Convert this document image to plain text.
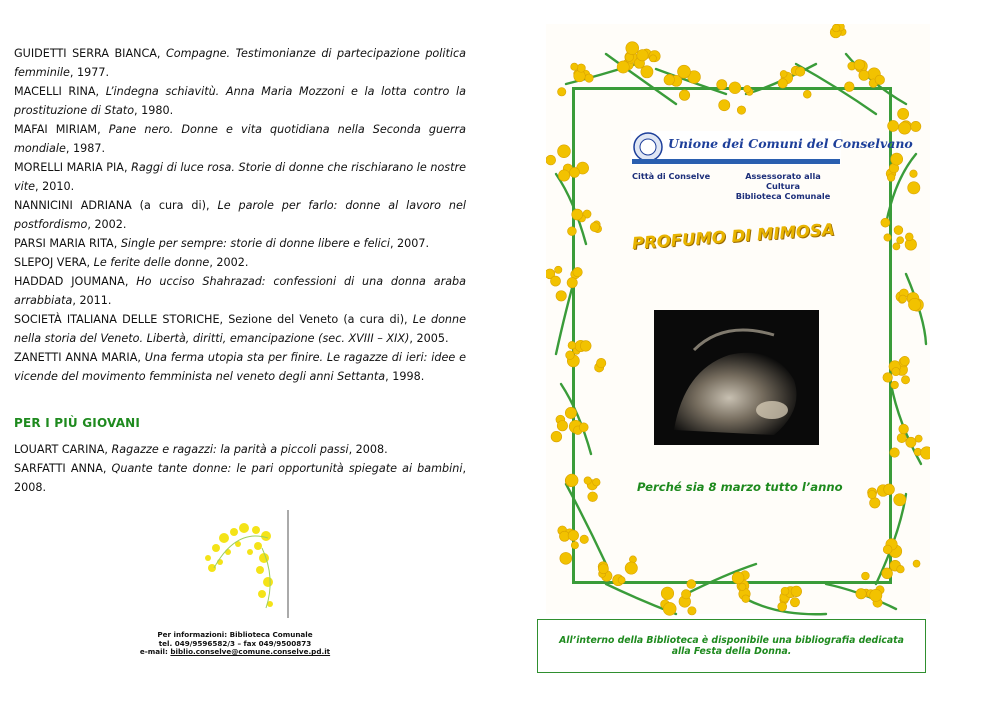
GUIDETTI SERRA BIANCA, Compagne. Testimonianze di partecipazione politica femminile, 1977.
MACELLI RINA, L’indegna schiavitù. Anna Maria Mozzoni e la lotta contro la prostituzione di Stato, 1980.
MAFAI MIRIAM, Pane nero. Donne e vita quotidiana nella Seconda guerra mondiale, 1987.
MORELLI MARIA PIA, Raggi di luce rosa. Storie di donne che rischiarano le nostre vite, 2010.
NANNICINI ADRIANA (a cura di), Le parole per farlo: donne al lavoro nel postfordismo, 2002.
PARSI MARIA RITA, Single per sempre: storie di donne libere e felici, 2007.
SLEPOJ VERA, Le ferite delle donne, 2002.
HADDAD JOUMANA, Ho ucciso Shahrazad: confessioni di una donna araba arrabbiata, 2011.
SOCIETÀ ITALIANA DELLE STORICHE, Sezione del Veneto (a cura di), Le donne nella storia del Veneto. Libertà, diritti, emancipazione (sec. XVIII – XIX), 2005.
ZANETTI ANNA MARIA, Una ferma utopia sta per finire. Le ragazze di ieri: idee e vicende del movimento femminista nel veneto degli anni Settanta, 1998.
PER I PIÙ GIOVANI
LOUART CARINA, Ragazze e ragazzi: la parità a piccoli passi, 2008.
SARFATTI ANNA, Quante tante donne: le pari opportunità spiegate ai bambini, 2008.
Per informazioni: Biblioteca Comunale
tel. 049/9596582/3 – fax 049/9500873
e-mail: biblio.conselve@comune.conselve.pd.it
Unione dei Comuni del Conselvano
Città di Conselve	Assessorato alla Cultura
Biblioteca Comunale
PROFUMO DI MIMOSA
Perché sia 8 marzo tutto l’anno
All’interno della Biblioteca è disponibile una bibliografia dedicata alla Festa della Donna.
